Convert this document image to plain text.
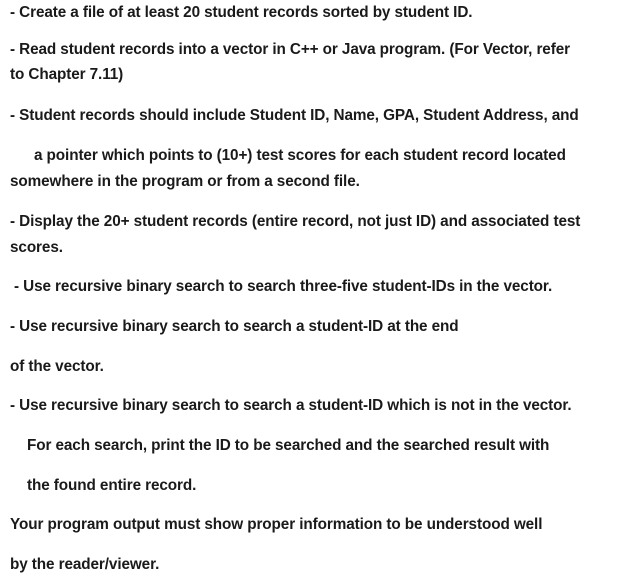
- Create a file of at least 20 student records sorted by student ID.
- Read student records into a vector in C++ or Java program. (For Vector, refer
to Chapter 7.11)
- Student records should include Student ID, Name, GPA, Student Address, and
a pointer which points to (10+) test scores for each student record located
somewhere in the program or from a second file.
- Display the 20+ student records (entire record, not just ID) and associated test
scores.
- Use recursive binary search to search three-five student-IDs in the vector.
- Use recursive binary search to search a student-ID at the end
of the vector.
- Use recursive binary search to search a student-ID which is not in the vector.
For each search, print the ID to be searched and the searched result with
the found entire record.
Your program output must show proper information to be understood well
by the reader/viewer.
